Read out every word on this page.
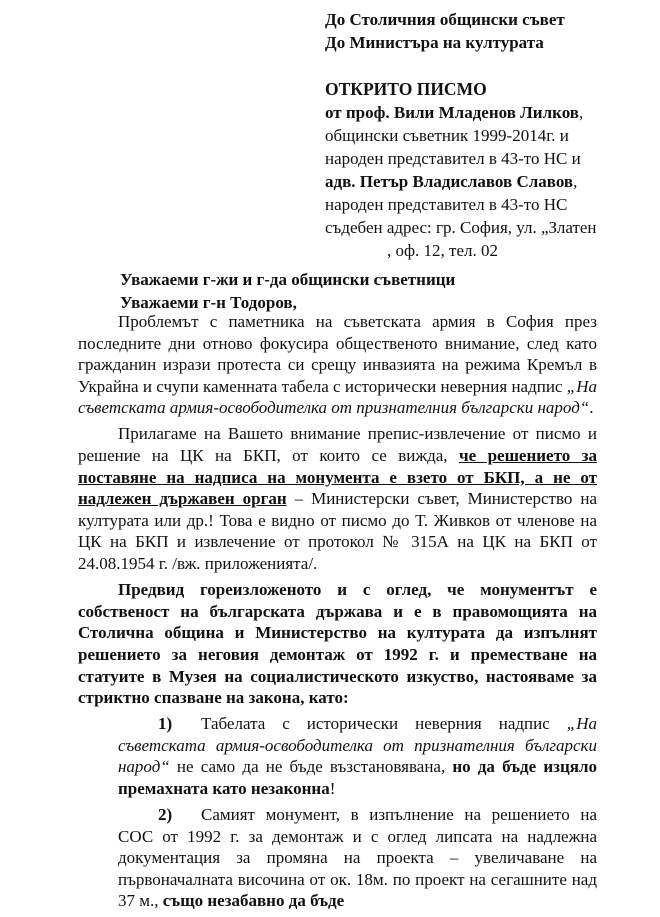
До Столичния общински съвет
До Министъра на културата
ОТКРИТО ПИСМО
от проф. Вили Младенов Лилков,
общински съветник 1999-2014г. и
народен представител в 43-то НС и
адв. Петър Владиславов Славов,
народен представител в 43-то НС
съдебен адрес: гр. София, ул. „Златен
, оф. 12, тел. 02
Уважаеми г-жи и г-да общински съветници
Уважаеми г-н Тодоров,

Проблемът с паметника на съветската армия в София през последните дни отново фокусира общественото внимание, след като гражданин изрази протеста си срещу инвазията на режима Кремъл в Украйна и счупи каменната табела с исторически неверния надпис „На съветската армия-освободителка от признателния български народ“.

Прилагаме на Вашето внимание препис-извлечение от писмо и решение на ЦК на БКП, от които се вижда, че решението за поставяне на надписа на монумента е взето от БКП, а не от надлежен държавен орган – Министерски съвет, Министерство на културата или др.! Това е видно от писмо до Т. Живков от членове на ЦК на БКП и извлечение от протокол № 315А на ЦК на БКП от 24.08.1954 г. /вж. приложенията/.

Предвид гореизложеното и с оглед, че монументът е собственост на българската държава и е в правомощията на Столична община и Министерство на културата да изпълнят решението за неговия демонтаж от 1992 г. и преместване на статуите в Музея на социалистическото изкуство, настояваме за стриктно спазване на закона, като:

1) Табелата с исторически неверния надпис „На съветската армия-освободителка от признателния български народ“ не само да не бъде възстановявана, но да бъде изцяло премахната като незаконна!

2) Самият монумент, в изпълнение на решението на СОС от 1992 г. за демонтаж и с оглед липсата на надлежна документация за промяна на проекта – увеличаване на първоначалната височина от ок. 18м. по проект на сегашните над 37 м., също незабавно да бъде
